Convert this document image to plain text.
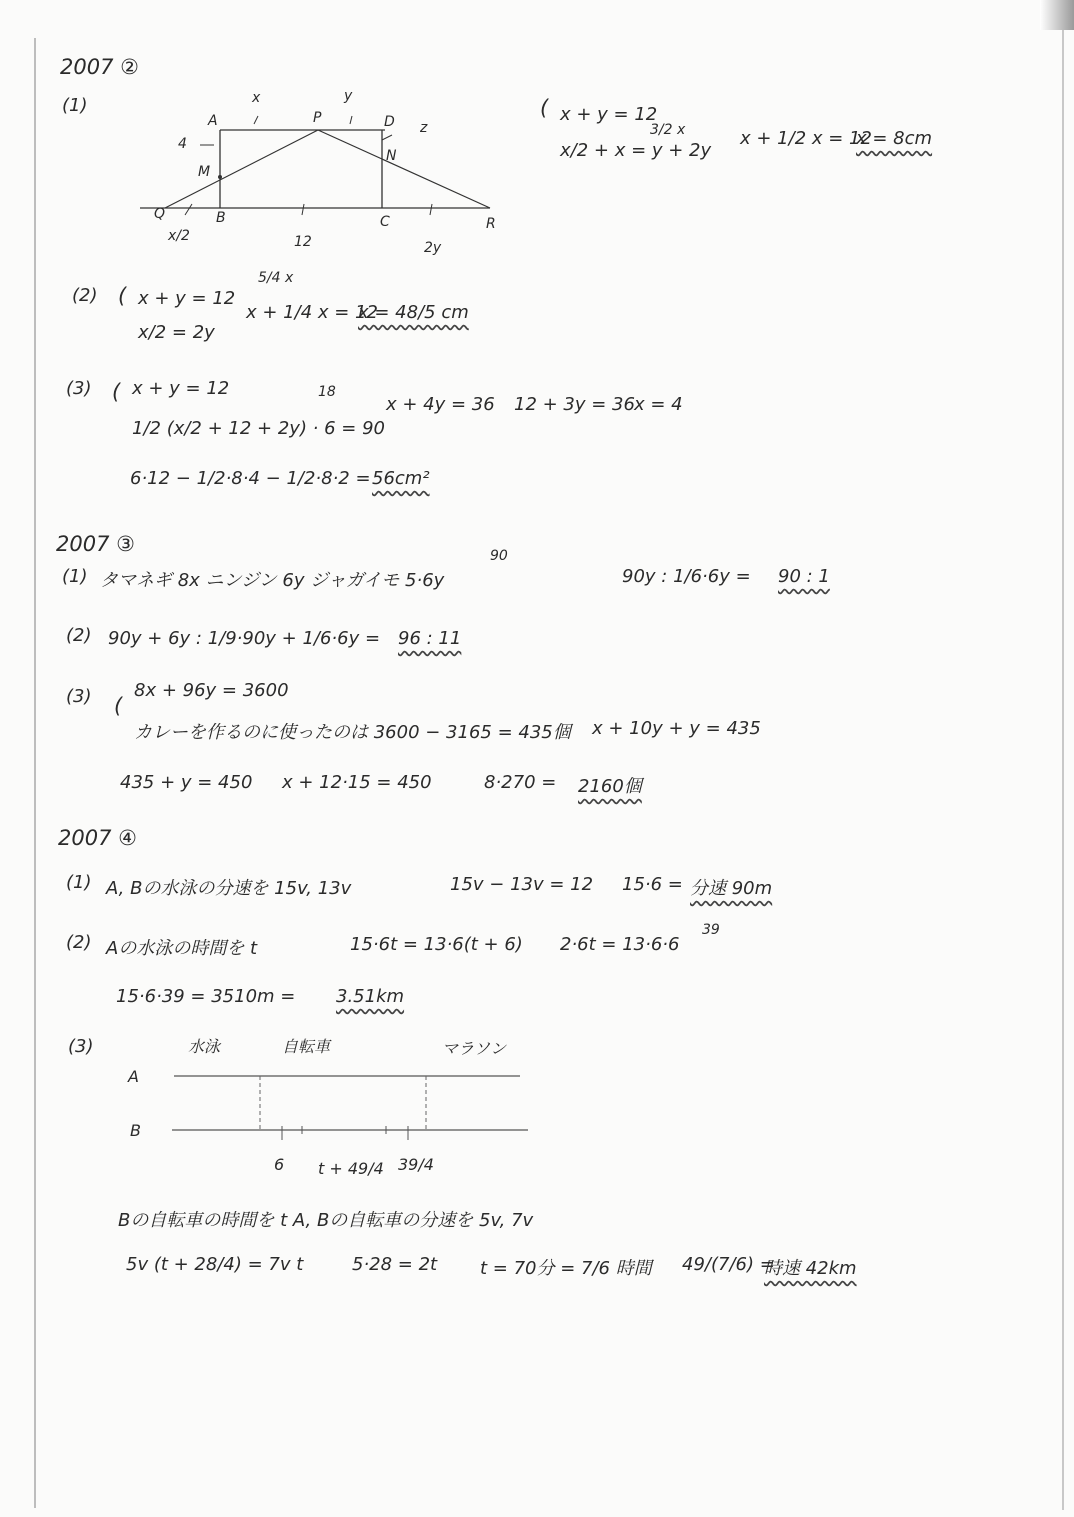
2007 ②
(1)
A	P	D
M
N
Q	B	C	R
x	y
4
z
x/2	12	2y
3/2 x
( x + y = 12
x/2 + x = y + 2y
x + 1/2 x = 12
x = 8cm
(2) ( x + y = 12
x/2 = 2y
5/4 x
x + 1/4 x = 12
x = 48/5 cm
(3) ( x + y = 12
1/2 (x/2 + 12 + 2y) · 6 = 90
18
x + 4y = 36 12 + 3y = 36 x = 4
6·12 − 1/2·8·4 − 1/2·8·2 = 56cm²
2007 ③
(1)
90
タマネギ 8x ニンジン 6y ジャガイモ 5·6y	90y : 1/6·6y = 90 : 1
(2) 90y + 6y : 1/9·90y + 1/6·6y = 96 : 11
(3) (
8x + 96y = 3600
カレーを作るのに使ったのは 3600 − 3165 = 435個 x + 10y + y = 435
435 + y = 450 x + 12·15 = 450	8·270 = 2160個
2007 ④
(1) A, Bの水泳の分速を 15v, 13v	15v − 13v = 12 15·6 = 分速 90m
(2) Aの水泳の時間を t	15·6t = 13·6(t + 6) 2·6t = 13·6·6
39
15·6·39 = 3510m = 3.51km
(3)	水泳	自転車	マラソン
A
B
6 t + 49/4 39/4
Bの自転車の時間を t A, Bの自転車の分速を 5v, 7v
5v (t + 28/4) = 7v t	5·28 = 2t t = 70分 = 7/6 時間 49/(7/6) =
時速 42km
